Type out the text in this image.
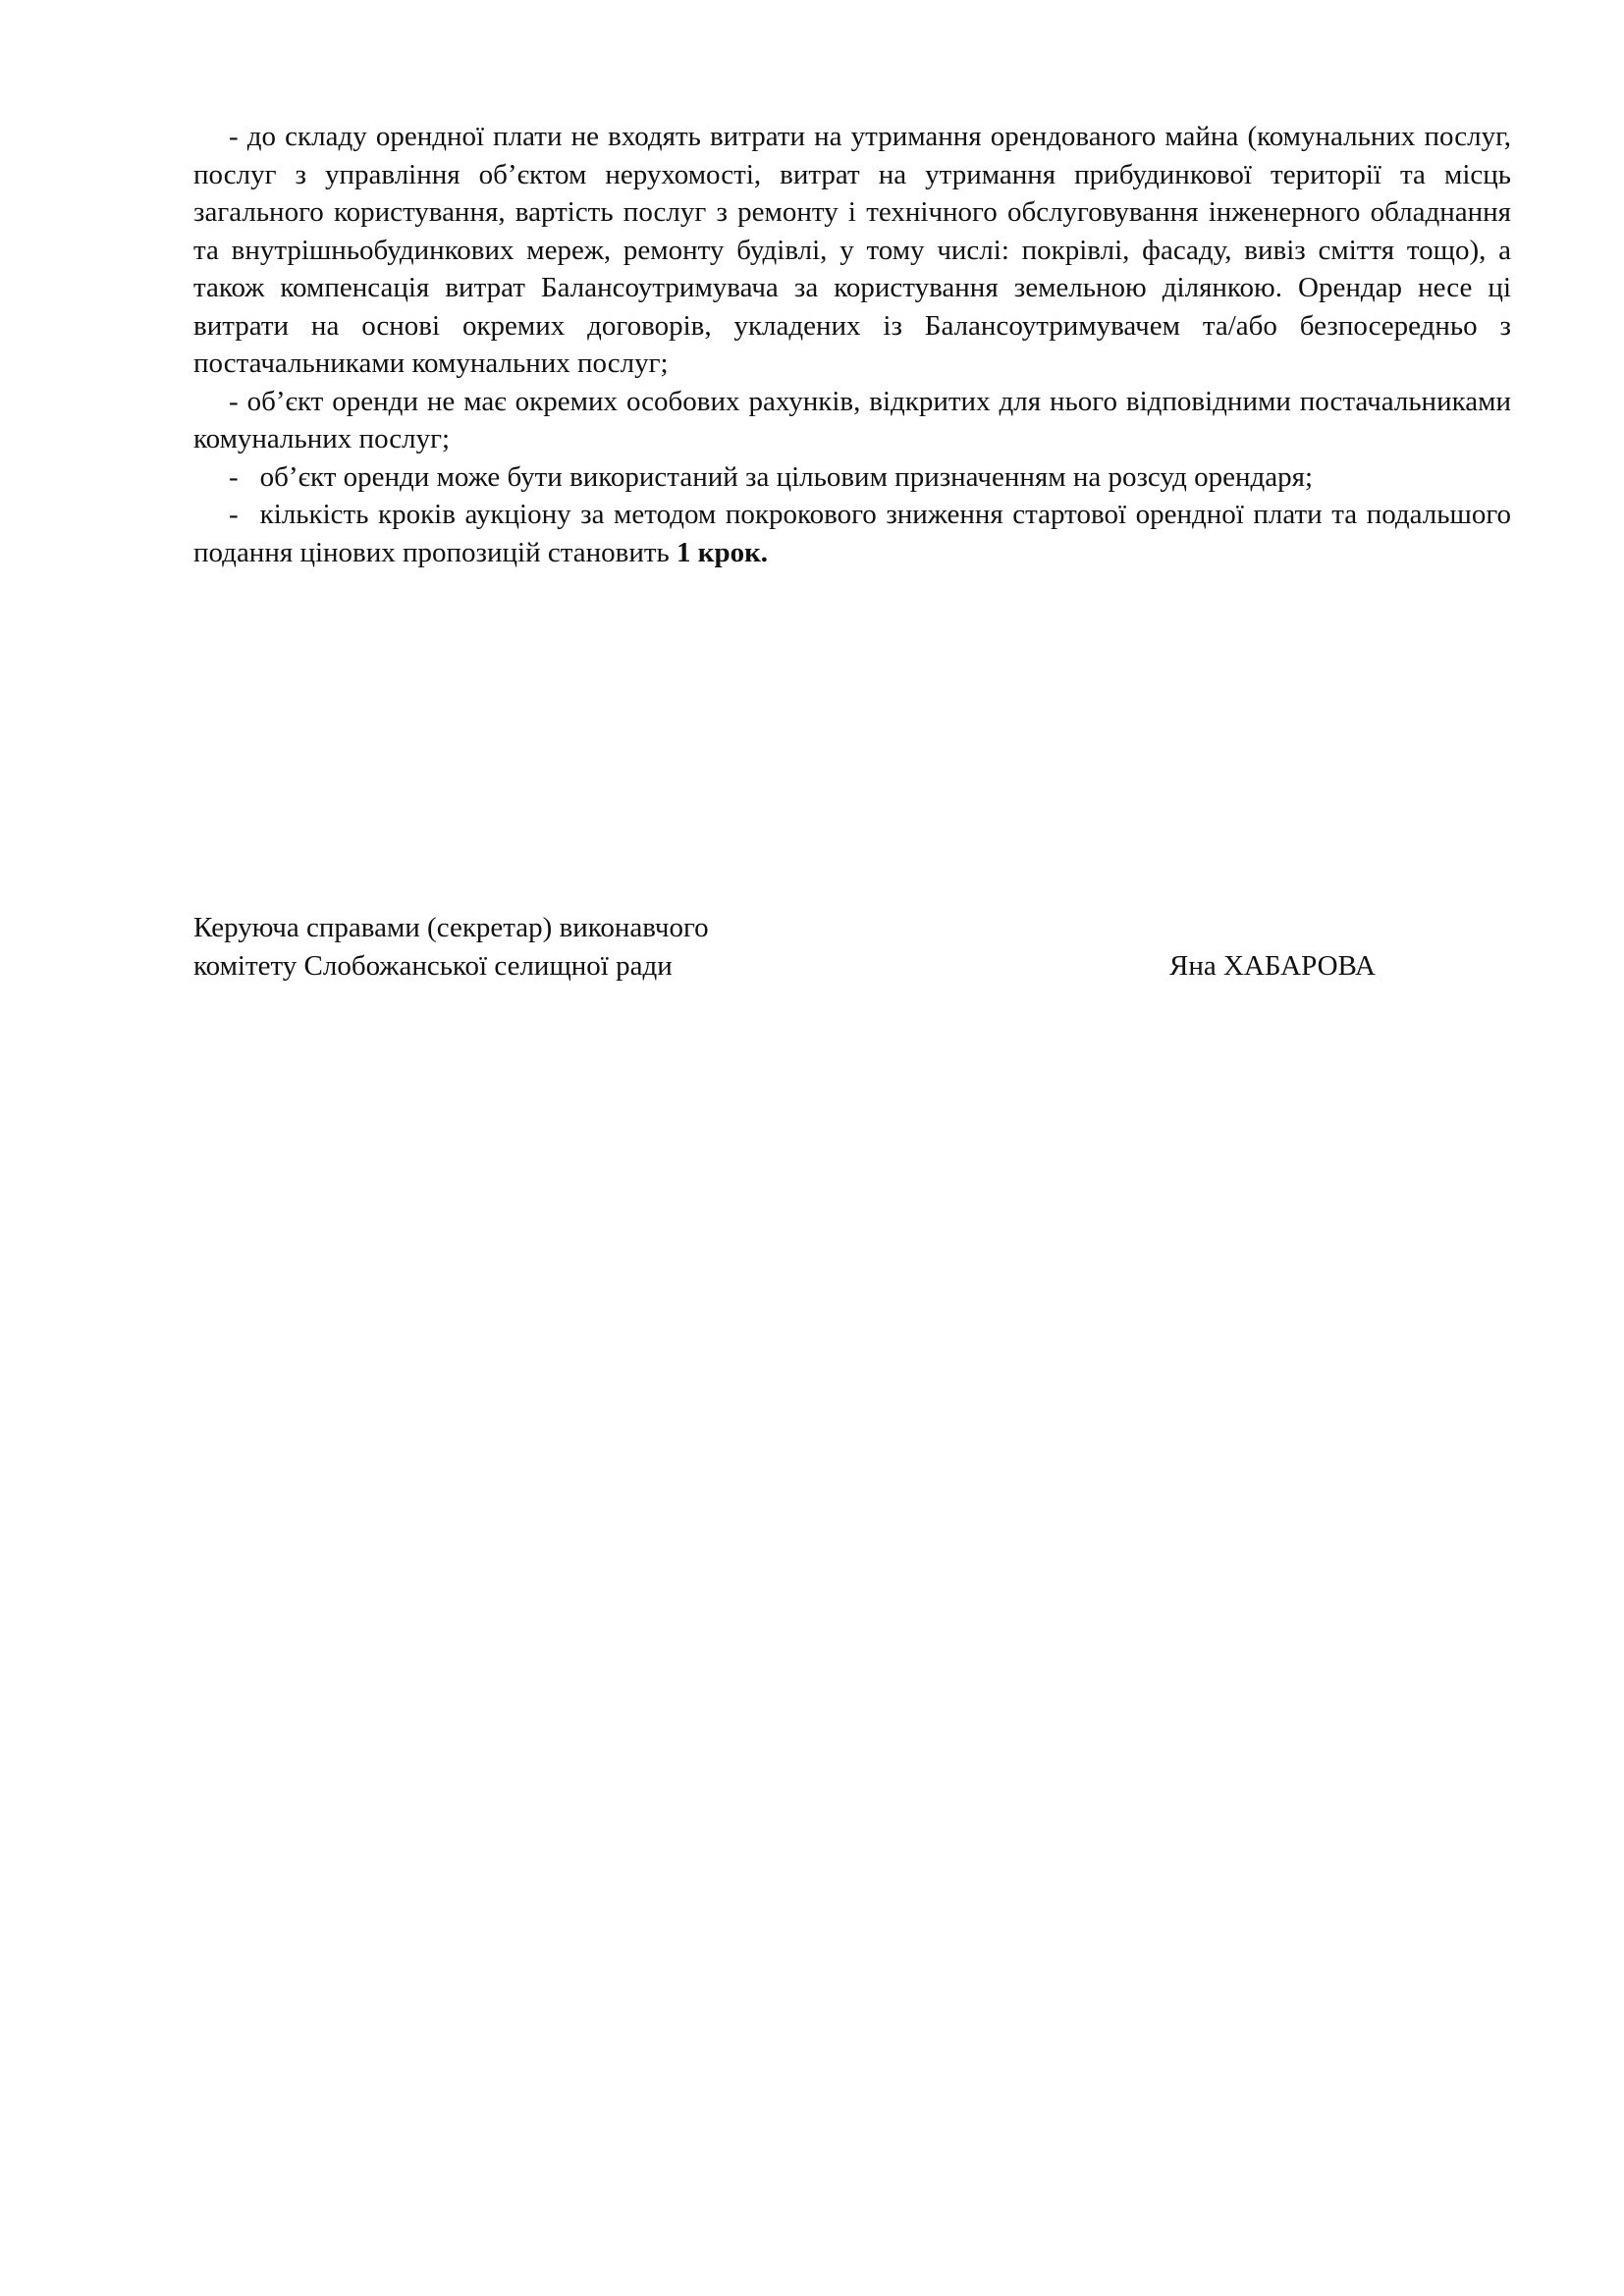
- до складу орендної плати не входять витрати на утримання орендованого майна (комунальних послуг, послуг з управління об’єктом нерухомості, витрат на утримання прибудинкової території та місць загального користування, вартість послуг з ремонту і технічного обслуговування інженерного обладнання та внутрішньобудинкових мереж, ремонту будівлі, у тому числі: покрівлі, фасаду, вивіз сміття тощо), а також компенсація витрат Балансоутримувача за користування земельною ділянкою. Орендар несе ці витрати на основі окремих договорів, укладених із Балансоутримувачем та/або безпосередньо з постачальниками комунальних послуг;

- об’єкт оренди не має окремих особових рахунків, відкритих для нього відповідними постачальниками комунальних послуг;

- об’єкт оренди може бути використаний за цільовим призначенням на розсуд орендаря;

- кількість кроків аукціону за методом покрокового зниження стартової орендної плати та подальшого подання цінових пропозицій становить 1 крок.

Керуюча справами (секретар) виконавчого
комітету Слобожанської селищної ради	Яна ХАБАРОВА
